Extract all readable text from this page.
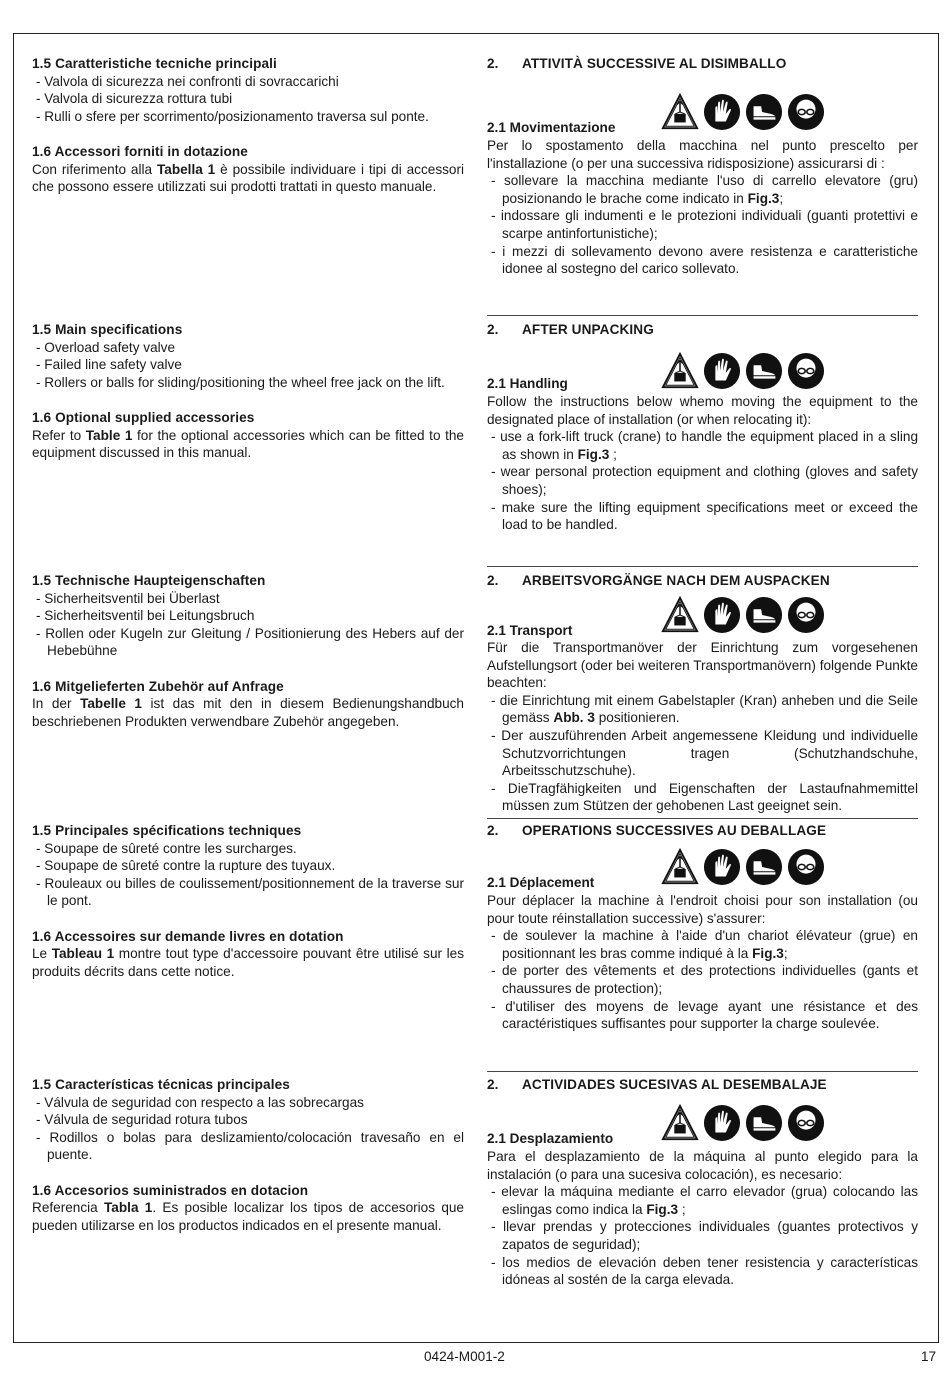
1.5 Caratteristiche tecniche principali
- Valvola di sicurezza nei confronti di sovraccarichi
- Valvola di sicurezza rottura tubi
- Rulli o sfere per scorrimento/posizionamento traversa sul ponte.
1.6 Accessori forniti in dotazione
Con riferimento alla Tabella 1 è possibile individuare i tipi di accessori che possono essere utilizzati sui prodotti trattati in questo manuale.
2. ATTIVITÀ SUCCESSIVE AL DISIMBALLO
2.1 Movimentazione
Per lo spostamento della macchina nel punto prescelto per l'installazione (o per una successiva ridisposizione) assicurarsi di :
- sollevare la macchina mediante l'uso di carrello elevatore (gru) posizionando le brache come indicato in Fig.3;
- indossare gli indumenti e le protezioni individuali (guanti protettivi e scarpe antinfortunistiche);
- i mezzi di sollevamento devono avere resistenza e caratteristiche idonee al sostegno del carico sollevato.
1.5 Main specifications
- Overload safety valve
- Failed line safety valve
- Rollers or balls for sliding/positioning the wheel free jack on the lift.
1.6 Optional supplied accessories
Refer to Table 1 for the optional accessories which can be fitted to the equipment discussed in this manual.
2. AFTER UNPACKING
2.1 Handling
Follow the instructions below whemo moving the equipment to the designated place of installation (or when relocating it):
- use a fork-lift truck (crane) to handle the equipment placed in a sling as shown in Fig.3 ;
- wear personal protection equipment and clothing (gloves and safety shoes);
- make sure the lifting equipment specifications meet or exceed the load to be handled.
1.5 Technische Haupteigenschaften
- Sicherheitsventil bei Überlast
- Sicherheitsventil bei Leitungsbruch
- Rollen oder Kugeln zur Gleitung / Positionierung des Hebers auf der Hebebühne
1.6 Mitgelieferten Zubehör auf Anfrage
In der Tabelle 1 ist das mit den in diesem Bedienungshandbuch beschriebenen Produkten verwendbare Zubehör angegeben.
2. ARBEITSVORGÄNGE NACH DEM AUSPACKEN
2.1 Transport
Für die Transportmanöver der Einrichtung zum vorgesehenen Aufstellungsort (oder bei weiteren Transportmanövern) folgende Punkte beachten:
- die Einrichtung mit einem Gabelstapler (Kran) anheben und die Seile gemäss Abb. 3 positionieren.
- Der auszuführenden Arbeit angemessene Kleidung und individuelle Schutzvorrichtungen tragen (Schutzhandschuhe, Arbeitsschutzschuhe).
- DieTragfähigkeiten und Eigenschaften der Lastaufnahmemittel müssen zum Stützen der gehobenen Last geeignet sein.
1.5 Principales spécifications techniques
- Soupape de sûreté contre les surcharges.
- Soupape de sûreté contre la rupture des tuyaux.
- Rouleaux ou billes de coulissement/positionnement de la traverse sur le pont.
1.6 Accessoires sur demande livres en dotation
Le Tableau 1 montre tout type d'accessoire pouvant être utilisé sur les produits décrits dans cette notice.
2. OPERATIONS SUCCESSIVES AU DEBALLAGE
2.1 Déplacement
Pour déplacer la machine à l'endroit choisi pour son installation (ou pour toute réinstallation successive) s'assurer:
- de soulever la machine à l'aide d'un chariot élévateur (grue) en positionnant les bras comme indiqué à la Fig.3;
- de porter des vêtements et des protections individuelles (gants et chaussures de protection);
- d'utiliser des moyens de levage ayant une résistance et des caractéristiques suffisantes pour supporter la charge soulevée.
1.5 Características técnicas principales
- Válvula de seguridad con respecto a las sobrecargas
- Válvula de seguridad rotura tubos
- Rodillos o bolas para deslizamiento/colocación travesaño en el puente.
1.6 Accesorios suministrados en dotacion
Referencia Tabla 1. Es posible localizar los tipos de accesorios que pueden utilizarse en los productos indicados en el presente manual.
2. ACTIVIDADES SUCESIVAS AL DESEMBALAJE
2.1 Desplazamiento
Para el desplazamiento de la máquina al punto elegido para la instalación (o para una sucesiva colocación), es necesario:
- elevar la máquina mediante el carro elevador (grua) colocando las eslingas como indica la Fig.3 ;
- llevar prendas y protecciones individuales (guantes protectivos y zapatos de seguridad);
- los medios de elevación deben tener resistencia y características idóneas al sostén de la carga elevada.
0424-M001-2	17
